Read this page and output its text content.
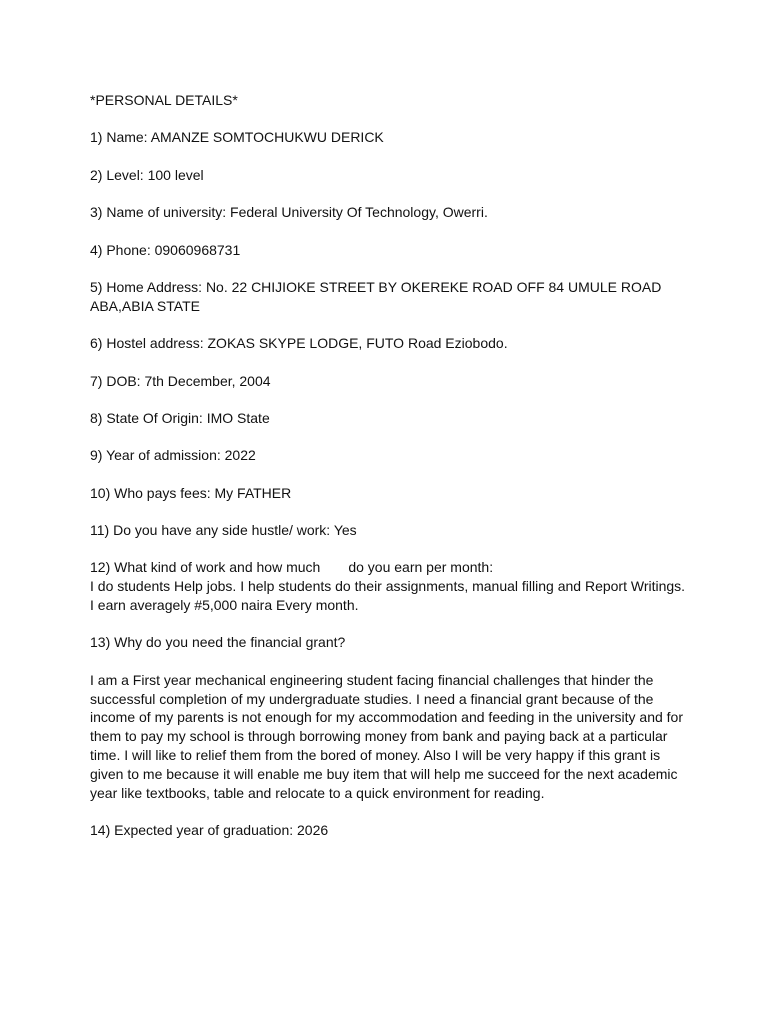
*PERSONAL DETAILS*

1) Name: AMANZE SOMTOCHUKWU DERICK

2) Level: 100 level

3) Name of university: Federal University Of Technology, Owerri.

4) Phone: 09060968731

5) Home Address: No. 22 CHIJIOKE STREET BY OKEREKE ROAD OFF 84 UMULE ROAD
ABA,ABIA STATE

6) Hostel address: ZOKAS SKYPE LODGE, FUTO Road Eziobodo.

7) DOB: 7th December, 2004

8) State Of Origin: IMO State

9) Year of admission: 2022

10) Who pays fees: My FATHER

11) Do you have any side hustle/ work: Yes

12) What kind of work and how much do you earn per month:
I do students Help jobs. I help students do their assignments, manual filling and Report Writings.
I earn averagely #5,000 naira Every month.

13) Why do you need the financial grant?

I am a First year mechanical engineering student facing financial challenges that hinder the
successful completion of my undergraduate studies. I need a financial grant because of the
income of my parents is not enough for my accommodation and feeding in the university and for
them to pay my school is through borrowing money from bank and paying back at a particular
time. I will like to relief them from the bored of money. Also I will be very happy if this grant is
given to me because it will enable me buy item that will help me succeed for the next academic
year like textbooks, table and relocate to a quick environment for reading.

14) Expected year of graduation: 2026
